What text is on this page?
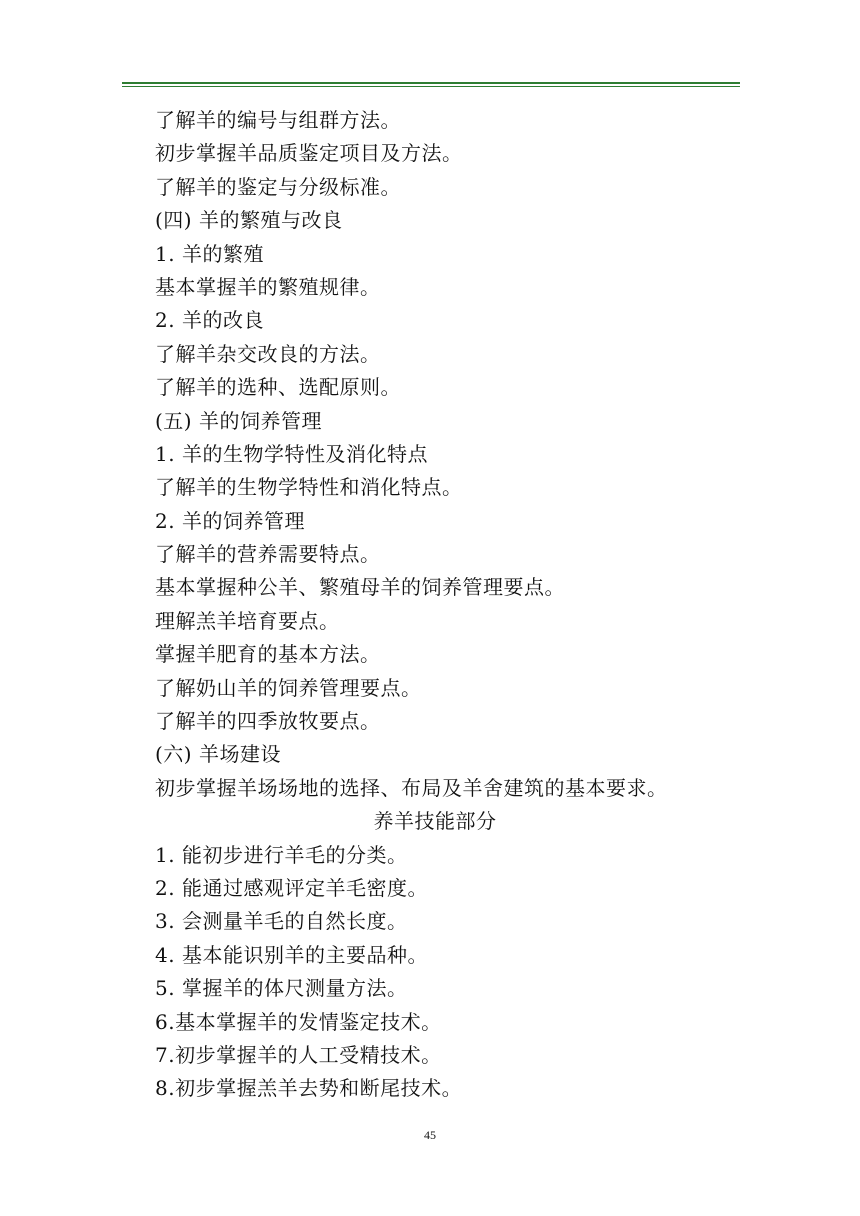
了解羊的编号与组群方法。
初步掌握羊品质鉴定项目及方法。
了解羊的鉴定与分级标准。
(四) 羊的繁殖与改良
1. 羊的繁殖
基本掌握羊的繁殖规律。
2. 羊的改良
了解羊杂交改良的方法。
了解羊的选种、选配原则。
(五) 羊的饲养管理
1. 羊的生物学特性及消化特点
了解羊的生物学特性和消化特点。
2. 羊的饲养管理
了解羊的营养需要特点。
基本掌握种公羊、繁殖母羊的饲养管理要点。
理解羔羊培育要点。
掌握羊肥育的基本方法。
了解奶山羊的饲养管理要点。
了解羊的四季放牧要点。
(六) 羊场建设
初步掌握羊场场地的选择、布局及羊舍建筑的基本要求。
养羊技能部分
1. 能初步进行羊毛的分类。
2. 能通过感观评定羊毛密度。
3. 会测量羊毛的自然长度。
4. 基本能识别羊的主要品种。
5. 掌握羊的体尺测量方法。
6.基本掌握羊的发情鉴定技术。
7.初步掌握羊的人工受精技术。
8.初步掌握羔羊去势和断尾技术。
45
